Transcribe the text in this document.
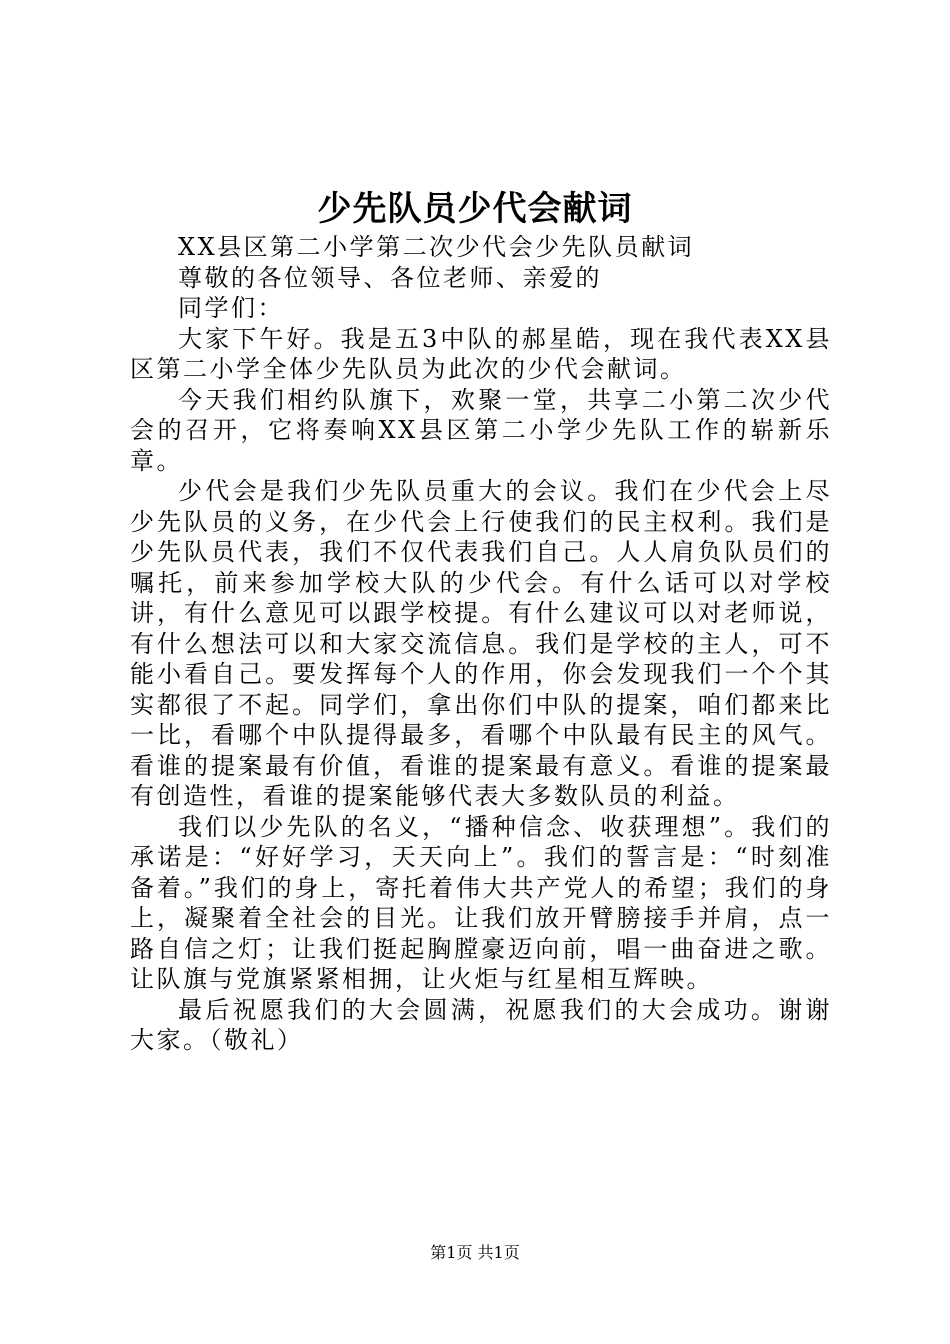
少先队员少代会献词

XX县区第二小学第二次少代会少先队员献词

尊敬的各位领导、各位老师、亲爱的

同学们：

大家下午好。我是五3中队的郝星皓，现在我代表XX县区第二小学全体少先队员为此次的少代会献词。

今天我们相约队旗下，欢聚一堂，共享二小第二次少代会的召开，它将奏响XX县区第二小学少先队工作的崭新乐章。

少代会是我们少先队员重大的会议。我们在少代会上尽少先队员的义务，在少代会上行使我们的民主权利。我们是少先队员代表，我们不仅代表我们自己。人人肩负队员们的嘱托，前来参加学校大队的少代会。有什么话可以对学校讲，有什么意见可以跟学校提。有什么建议可以对老师说，有什么想法可以和大家交流信息。我们是学校的主人，可不能小看自己。要发挥每个人的作用，你会发现我们一个个其实都很了不起。同学们，拿出你们中队的提案，咱们都来比一比，看哪个中队提得最多，看哪个中队最有民主的风气。看谁的提案最有价值，看谁的提案最有意义。看谁的提案最有创造性，看谁的提案能够代表大多数队员的利益。

我们以少先队的名义，“播种信念、收获理想”。我们的承诺是：“好好学习，天天向上”。我们的誓言是：“时刻准备着。”我们的身上，寄托着伟大共产党人的希望；我们的身上，凝聚着全社会的目光。让我们放开臂膀接手并肩，点一路自信之灯；让我们挺起胸膛豪迈向前，唱一曲奋进之歌。让队旗与党旗紧紧相拥，让火炬与红星相互辉映。

最后祝愿我们的大会圆满，祝愿我们的大会成功。谢谢大家。（敬礼）

第1页 共1页
